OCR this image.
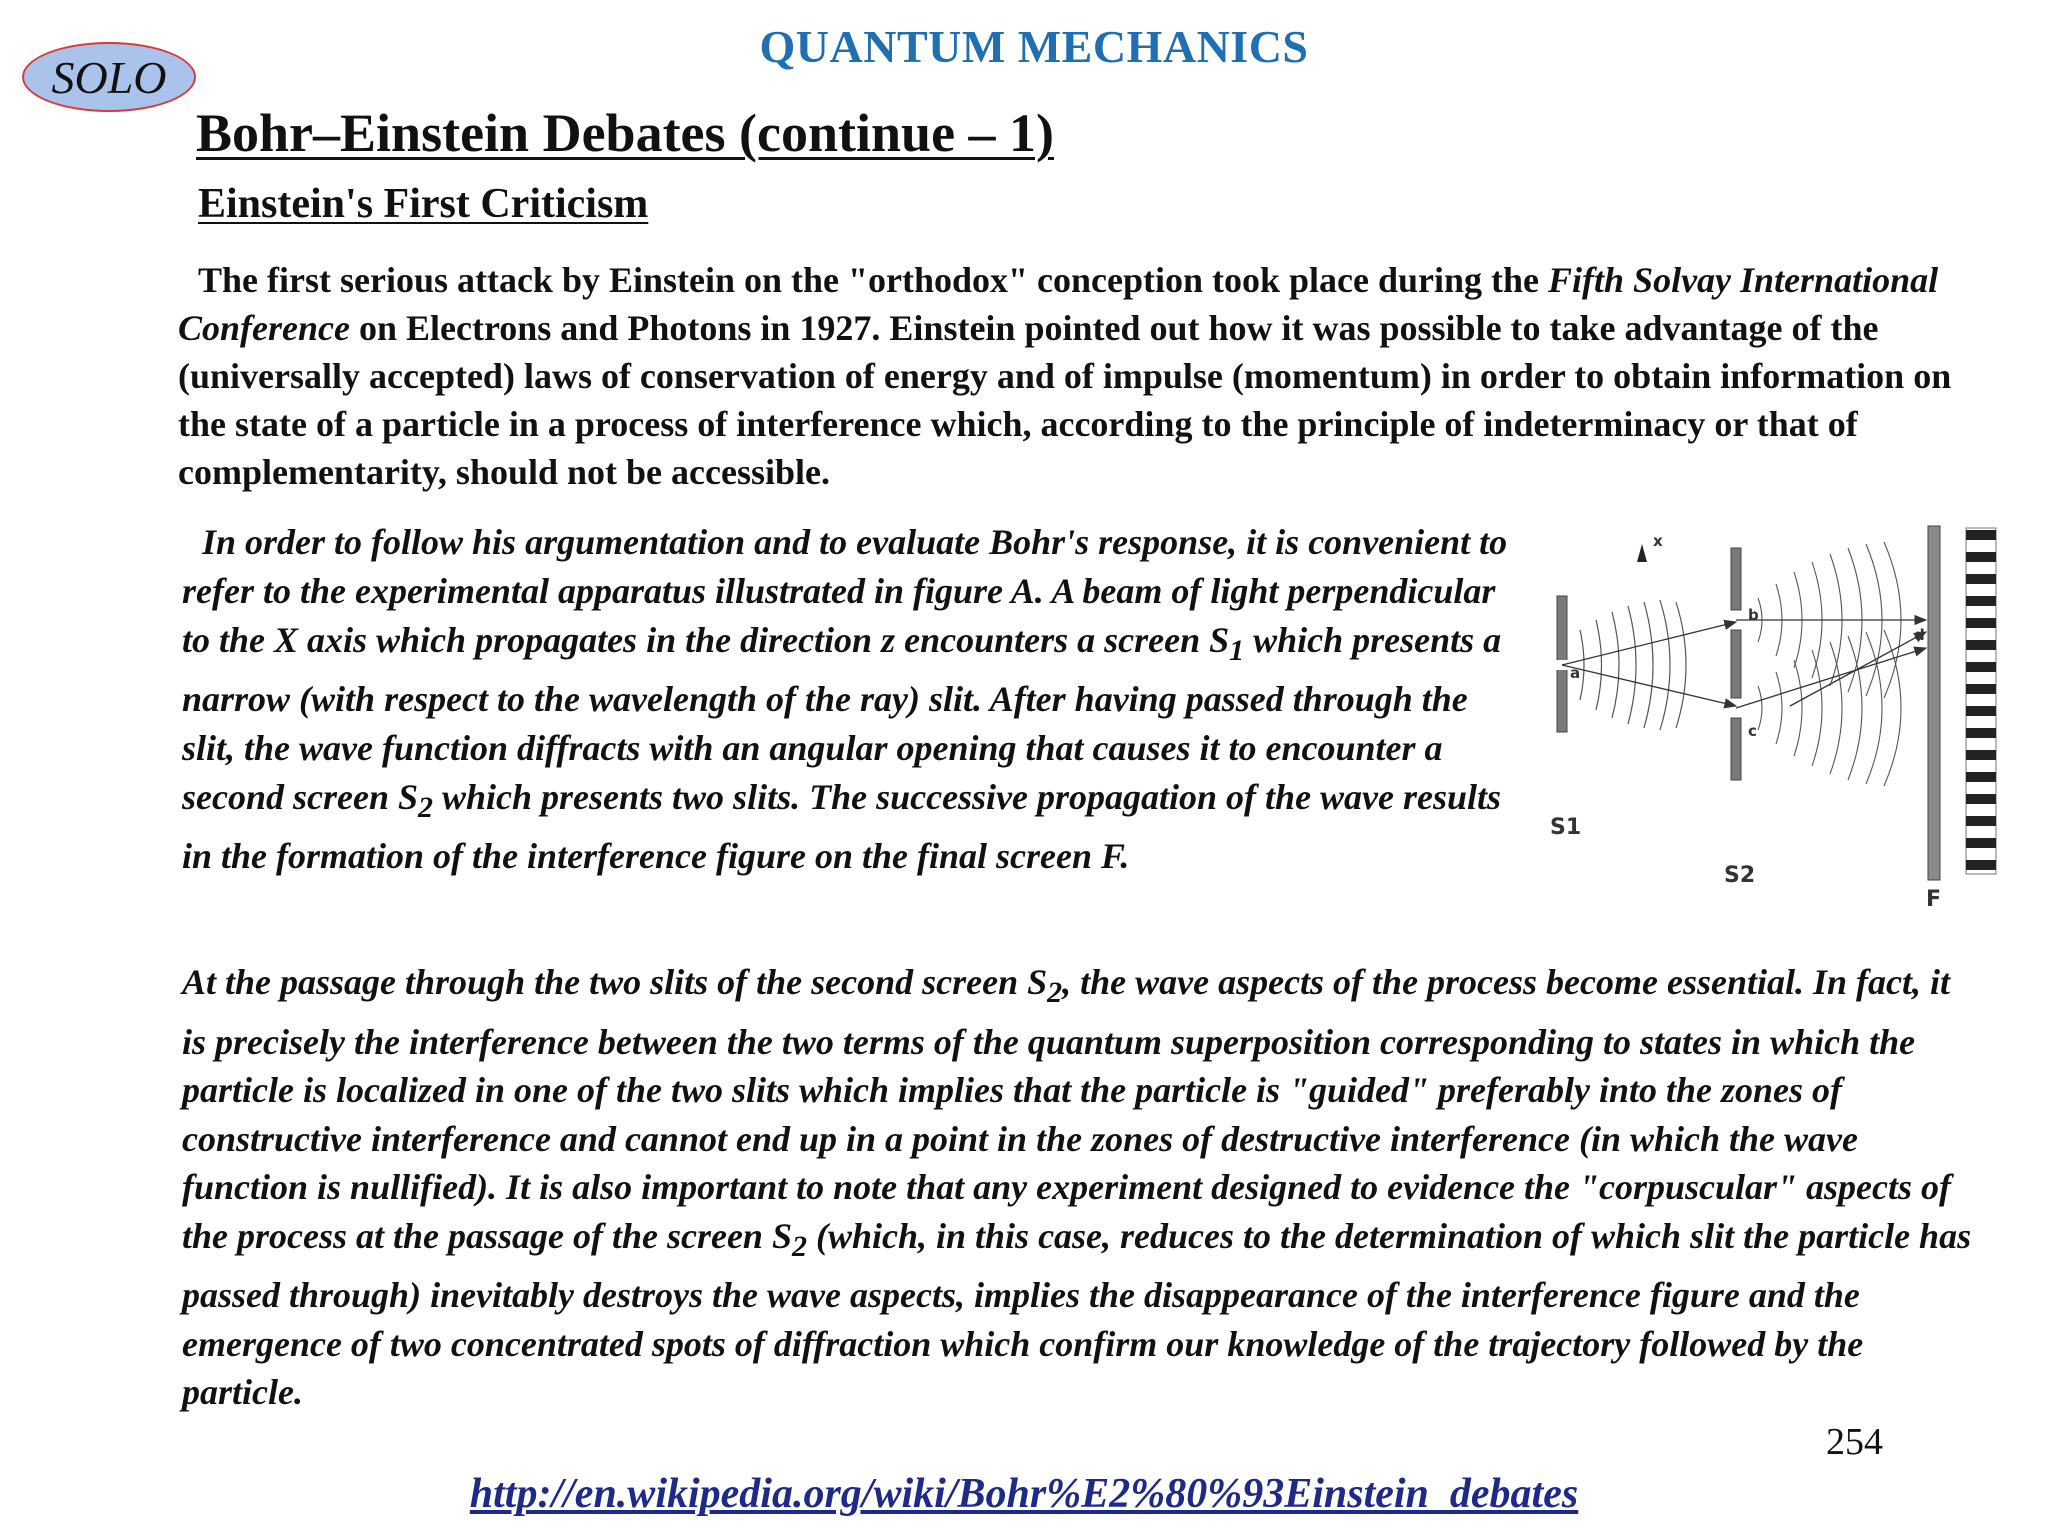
SOLO
QUANTUM MECHANICS
Bohr–Einstein Debates (continue – 1)
Einstein's First Criticism
The first serious attack by Einstein on the "orthodox" conception took place during the Fifth Solvay International Conference on Electrons and Photons in 1927. Einstein pointed out how it was possible to take advantage of the (universally accepted) laws of conservation of energy and of impulse (momentum) in order to obtain information on the state of a particle in a process of interference which, according to the principle of indeterminacy or that of complementarity, should not be accessible.
In order to follow his argumentation and to evaluate Bohr's response, it is convenient to refer to the experimental apparatus illustrated in figure A. A beam of light perpendicular to the X axis which propagates in the direction z encounters a screen $S_1$ which presents a narrow (with respect to the wavelength of the ray) slit. After having passed through the slit, the wave function diffracts with an angular opening that causes it to encounter a second screen $S_2$ which presents two slits. The successive propagation of the wave results in the formation of the interference figure on the final screen F.
x
a
b
c
d
S1
S2
F
At the passage through the two slits of the second screen $S_2$, the wave aspects of the process become essential. In fact, it is precisely the interference between the two terms of the quantum superposition corresponding to states in which the particle is localized in one of the two slits which implies that the particle is "guided" preferably into the zones of constructive interference and cannot end up in a point in the zones of destructive interference (in which the wave function is nullified). It is also important to note that any experiment designed to evidence the "corpuscular" aspects of the process at the passage of the screen $S_2$ (which, in this case, reduces to the determination of which slit the particle has passed through) inevitably destroys the wave aspects, implies the disappearance of the interference figure and the emergence of two concentrated spots of diffraction which confirm our knowledge of the trajectory followed by the particle.
254
http://en.wikipedia.org/wiki/Bohr%E2%80%93Einstein_debates
